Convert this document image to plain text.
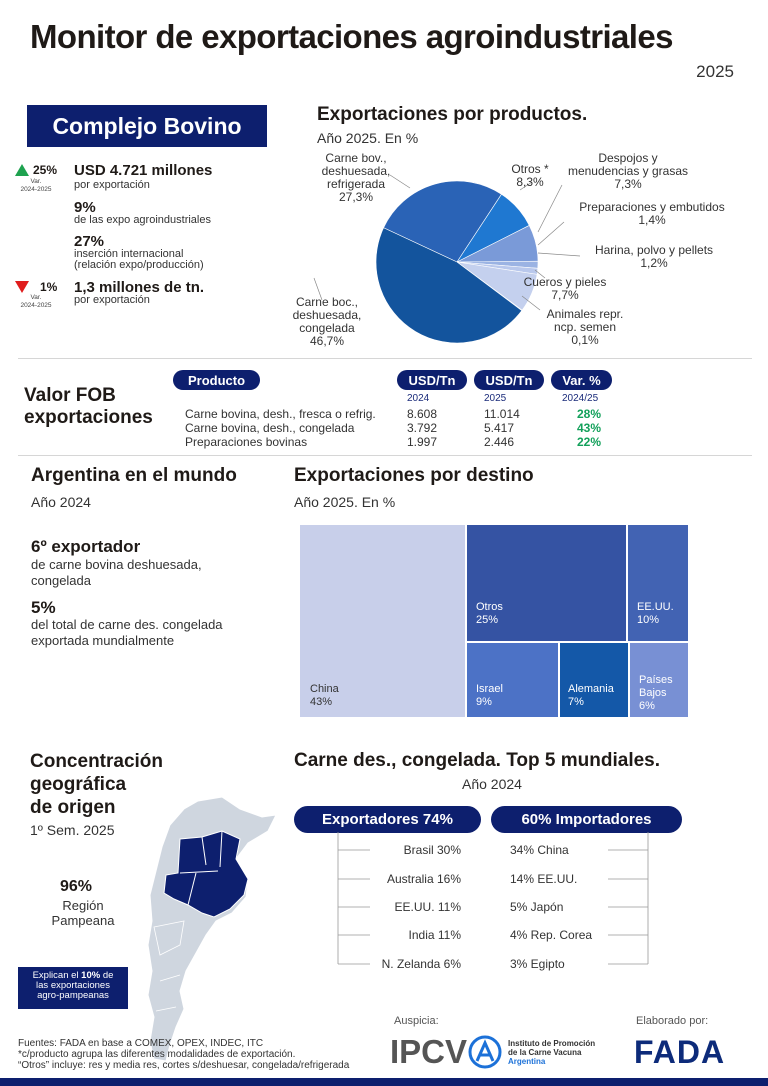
Monitor de exportaciones agroindustriales
2025
Complejo Bovino
25%
Var.
2024-2025
USD 4.721 millones
por exportación
9%
de las expo agroindustriales
27%
inserción internacional
(relación expo/producción)
1%
Var.
2024-2025
1,3 millones de tn.
por exportación
Exportaciones por productos.
Año 2025. En %
Carne bov.,
deshuesada,
refrigerada
27,3%
Otros *
8,3%
Despojos y
menudencias y grasas
7,3%
Preparaciones y embutidos
1,4%
Harina, polvo y pellets
1,2%
Cueros y pieles
7,7%
Animales repr.
ncp. semen
0,1%
Carne boc.,
deshuesada,
congelada
46,7%
Valor FOB
exportaciones
Producto	USD/Tn	USD/Tn	Var. %
2024	2025	2024/25
Carne bovina, desh., fresca o refrig.	8.608	11.014	28%
Carne bovina, desh., congelada	3.792	5.417	43%
Preparaciones bovinas	1.997	2.446	22%
Argentina en el mundo
Año 2024
6º exportador
de carne bovina deshuesada,
congelada
5%
del total de carne des. congelada
exportada mundialmente
Exportaciones por destino
Año 2025. En %
China
43%
Otros
25%
EE.UU.
10%
Israel
9%
Alemania
7%
Países
Bajos
6%
Concentración
geográfica
de origen
1º Sem. 2025
96%
Región
Pampeana
Explican el 10% de
las exportaciones
agro-pampeanas
Carne des., congelada. Top 5 mundiales.
Año 2024
Exportadores 74%	60% Importadores
Brasil 30%
Australia 16%
EE.UU. 11%
India 11%
N. Zelanda 6%
34% China
14% EE.UU.
5% Japón
4% Rep. Corea
3% Egipto
Fuentes: FADA en base a COMEX, OPEX, INDEC, ITC
*c/producto agrupa las diferentes modalidades de exportación.
“Otros” incluye: res y media res, cortes s/deshuesar, congelada/refrigerada
Auspicia:	Elaborado por:
IPCV	Instituto de Promoción
de la Carne Vacuna
Argentina	FADA
